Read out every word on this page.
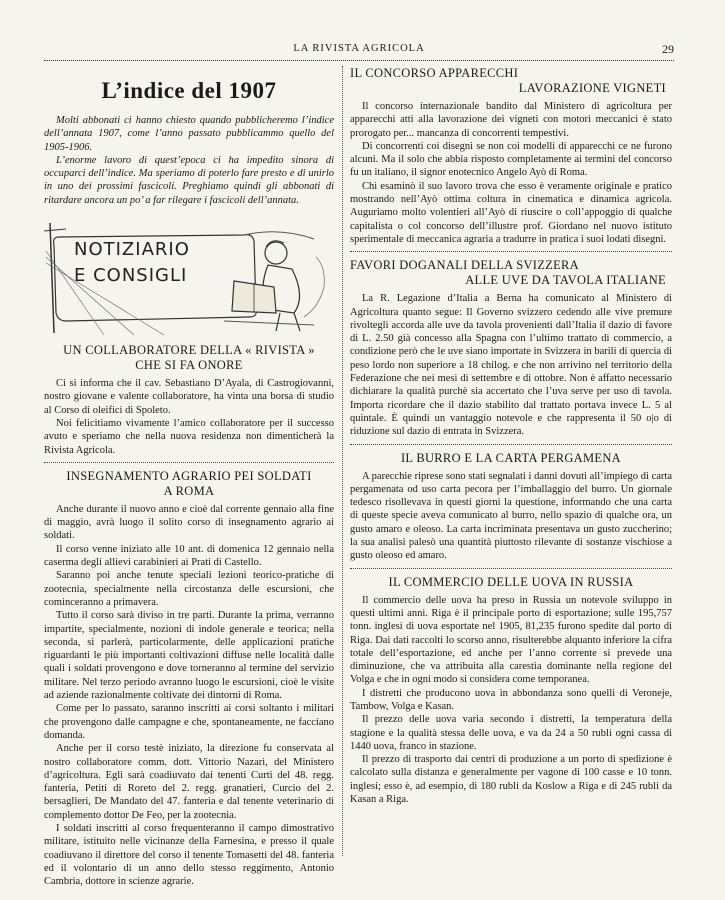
LA RIVISTA AGRICOLA	29
L’indice del 1907

Molti abbonati ci hanno chiesto quando pubblicheremo l’indice dell’annata 1907, come l’anno passato pubblicammo quello del 1905-1906.

L’enorme lavoro di quest’epoca ci ha impedito sinora di occuparci dell’indice. Ma speriamo di poterlo fare presto e di unirlo in uno dei prossimi fascicoli. Preghiamo quindi gli abbonati di ritardare ancora un po’ a far rilegare i fascicoli dell’annata.

NOTIZIARIO
E CONSIGLI
UN COLLABORATORE DELLA « RIVISTA »
CHE SI FA ONORE

Ci si informa che il cav. Sebastiano D’Ayala, di Castrogiovanni, nostro giovane e valente collaboratore, ha vinta una borsa di studio al Corso di oleifici di Spoleto.

Noi felicitiamo vivamente l’amico collaboratore per il successo avuto e speriamo che nella nuova residenza non dimenticherà la Rivista Agricola.

INSEGNAMENTO AGRARIO PEI SOLDATI
A ROMA

Anche durante il nuovo anno e cioè dal corrente gennaio alla fine di maggio, avrà luogo il solito corso di insegnamento agrario ai soldati.

Il corso venne iniziato alle 10 ant. di domenica 12 gennaio nella caserma degli allievi carabinieri ai Prati di Castello.

Saranno poi anche tenute speciali lezioni teorico-pratiche di zootecnia, specialmente nella circostanza delle escursioni, che cominceranno a primavera.

Tutto il corso sarà diviso in tre parti. Durante la prima, verranno impartite, specialmente, nozioni di indole generale e teorica; nella seconda, si parlerà, particolarmente, delle applicazioni pratiche riguardanti le più importanti coltivazioni diffuse nelle località dalle quali i soldati provengono e dove torneranno al termine del servizio militare. Nel terzo periodo avranno luogo le escursioni, cioè le visite ad aziende razionalmente coltivate dei dintorni di Roma.

Come per lo passato, saranno inscritti ai corsi soltanto i militari che provengono dalle campagne e che, spontaneamente, ne facciano domanda.

Anche per il corso testè iniziato, la direzione fu conservata al nostro collaboratore comm. dott. Vittorio Nazari, del Ministero d’agricoltura. Egli sarà coadiuvato dai tenenti Curti del 48. regg. fanteria, Petiti di Roreto del 2. regg. granatieri, Curcio del 2. bersaglieri, De Mandato del 47. fanteria e dal tenente veterinario di complemento dottor De Feo, per la zootecnia.

I soldati inscritti al corso frequenteranno il campo dimostrativo militare, istituito nelle vicinanze della Farnesina, e presso il quale coadiuvano il direttore del corso il tenente Tomasetti del 48. fanteria ed il volontario di un anno dello stesso reggimento, Antonio Cambria, dottore in scienze agrarie.

IL CONCORSO APPARECCHI
LAVORAZIONE VIGNETI

Il concorso internazionale bandito dal Ministero di agricoltura per apparecchi atti alla lavorazione dei vigneti con motori meccanici è stato prorogato per... mancanza di concorrenti tempestivi.

Di concorrenti coi disegni se non coi modelli di apparecchi ce ne furono alcuni. Ma il solo che abbia risposto completamente ai termini del concorso fu un italiano, il signor enotecnico Angelo Ayò di Roma.

Chi esaminò il suo lavoro trova che esso è veramente originale e pratico mostrando nell’Ayò ottima coltura in cinematica e dinamica agricola. Auguriamo molto volentieri all’Ayò di riuscire o coll’appoggio di qualche capitalista o col concorso dell’illustre prof. Giordano nel nuovo istituto sperimentale di meccanica agraria a tradurre in pratica i suoi lodati disegni.

FAVORI DOGANALI DELLA SVIZZERA
ALLE UVE DA TAVOLA ITALIANE

La R. Legazione d’Italia a Berna ha comunicato al Ministero di Agricoltura quanto segue: Il Governo svizzero cedendo alle vive premure rivoltegli accorda alle uve da tavola provenienti dall’Italia il dazio di favore di L. 2.50 già concesso alla Spagna con l’ultimo trattato di commercio, a condizione però che le uve siano importate in Svizzera in barili di quercia di peso lordo non superiore a 18 chilog. e che non arrivino nel territorio della Federazione che nei mesi di settembre e di ottobre. Non è affatto necessario dichiarare la qualità purchè sia accertato che l’uva serve per uso di tavola. Importa ricordare che il dazio stabilito dal trattato portava invece L. 5 al quintale. È quindi un vantaggio notevole e che rappresenta il 50 o|o di riduzione sul dazio di entrata in Svizzera.

IL BURRO E LA CARTA PERGAMENA

A parecchie riprese sono stati segnalati i danni dovuti all’impiego di carta pergamenata od uso carta pecora per l’imballaggio del burro. Un giornale tedesco risollevava in questi giorni la questione, informando che una carta di queste specie aveva comunicato al burro, nello spazio di qualche ora, un gusto amaro e oleoso. La carta incriminata presentava un gusto zuccherino; la sua analisi palesò una quantità piuttosto rilevante di sostanze vischiose a gusto oleoso ed amaro.

IL COMMERCIO DELLE UOVA IN RUSSIA

Il commercio delle uova ha preso in Russia un notevole sviluppo in questi ultimi anni. Riga è il principale porto di esportazione; sulle 195,757 tonn. inglesi di uova esportate nel 1905, 81,235 furono spedite dal porto di Riga. Dai dati raccolti lo scorso anno, risulterebbe alquanto inferiore la cifra totale dell’esportazione, ed anche per l’anno corrente si prevede una diminuzione, che va attribuita alla carestia dominante nella regione del Volga e che in ogni modo si considera come temporanea.

I distretti che producono uova in abbondanza sono quelli di Veroneje, Tambow, Volga e Kasan.

Il prezzo delle uova varia secondo i distretti, la temperatura della stagione e la qualità stessa delle uova, e va da 24 a 50 rubli ogni cassa di 1440 uova, franco in stazione.

Il prezzo di trasporto dai centri di produzione a un porto di spedizione è calcolato sulla distanza e generalmente per vagone di 100 casse e 10 tonn. inglesi; esso è, ad esempio, di 180 rubli da Koslow a Riga e di 245 rubli da Kasan a Riga.
